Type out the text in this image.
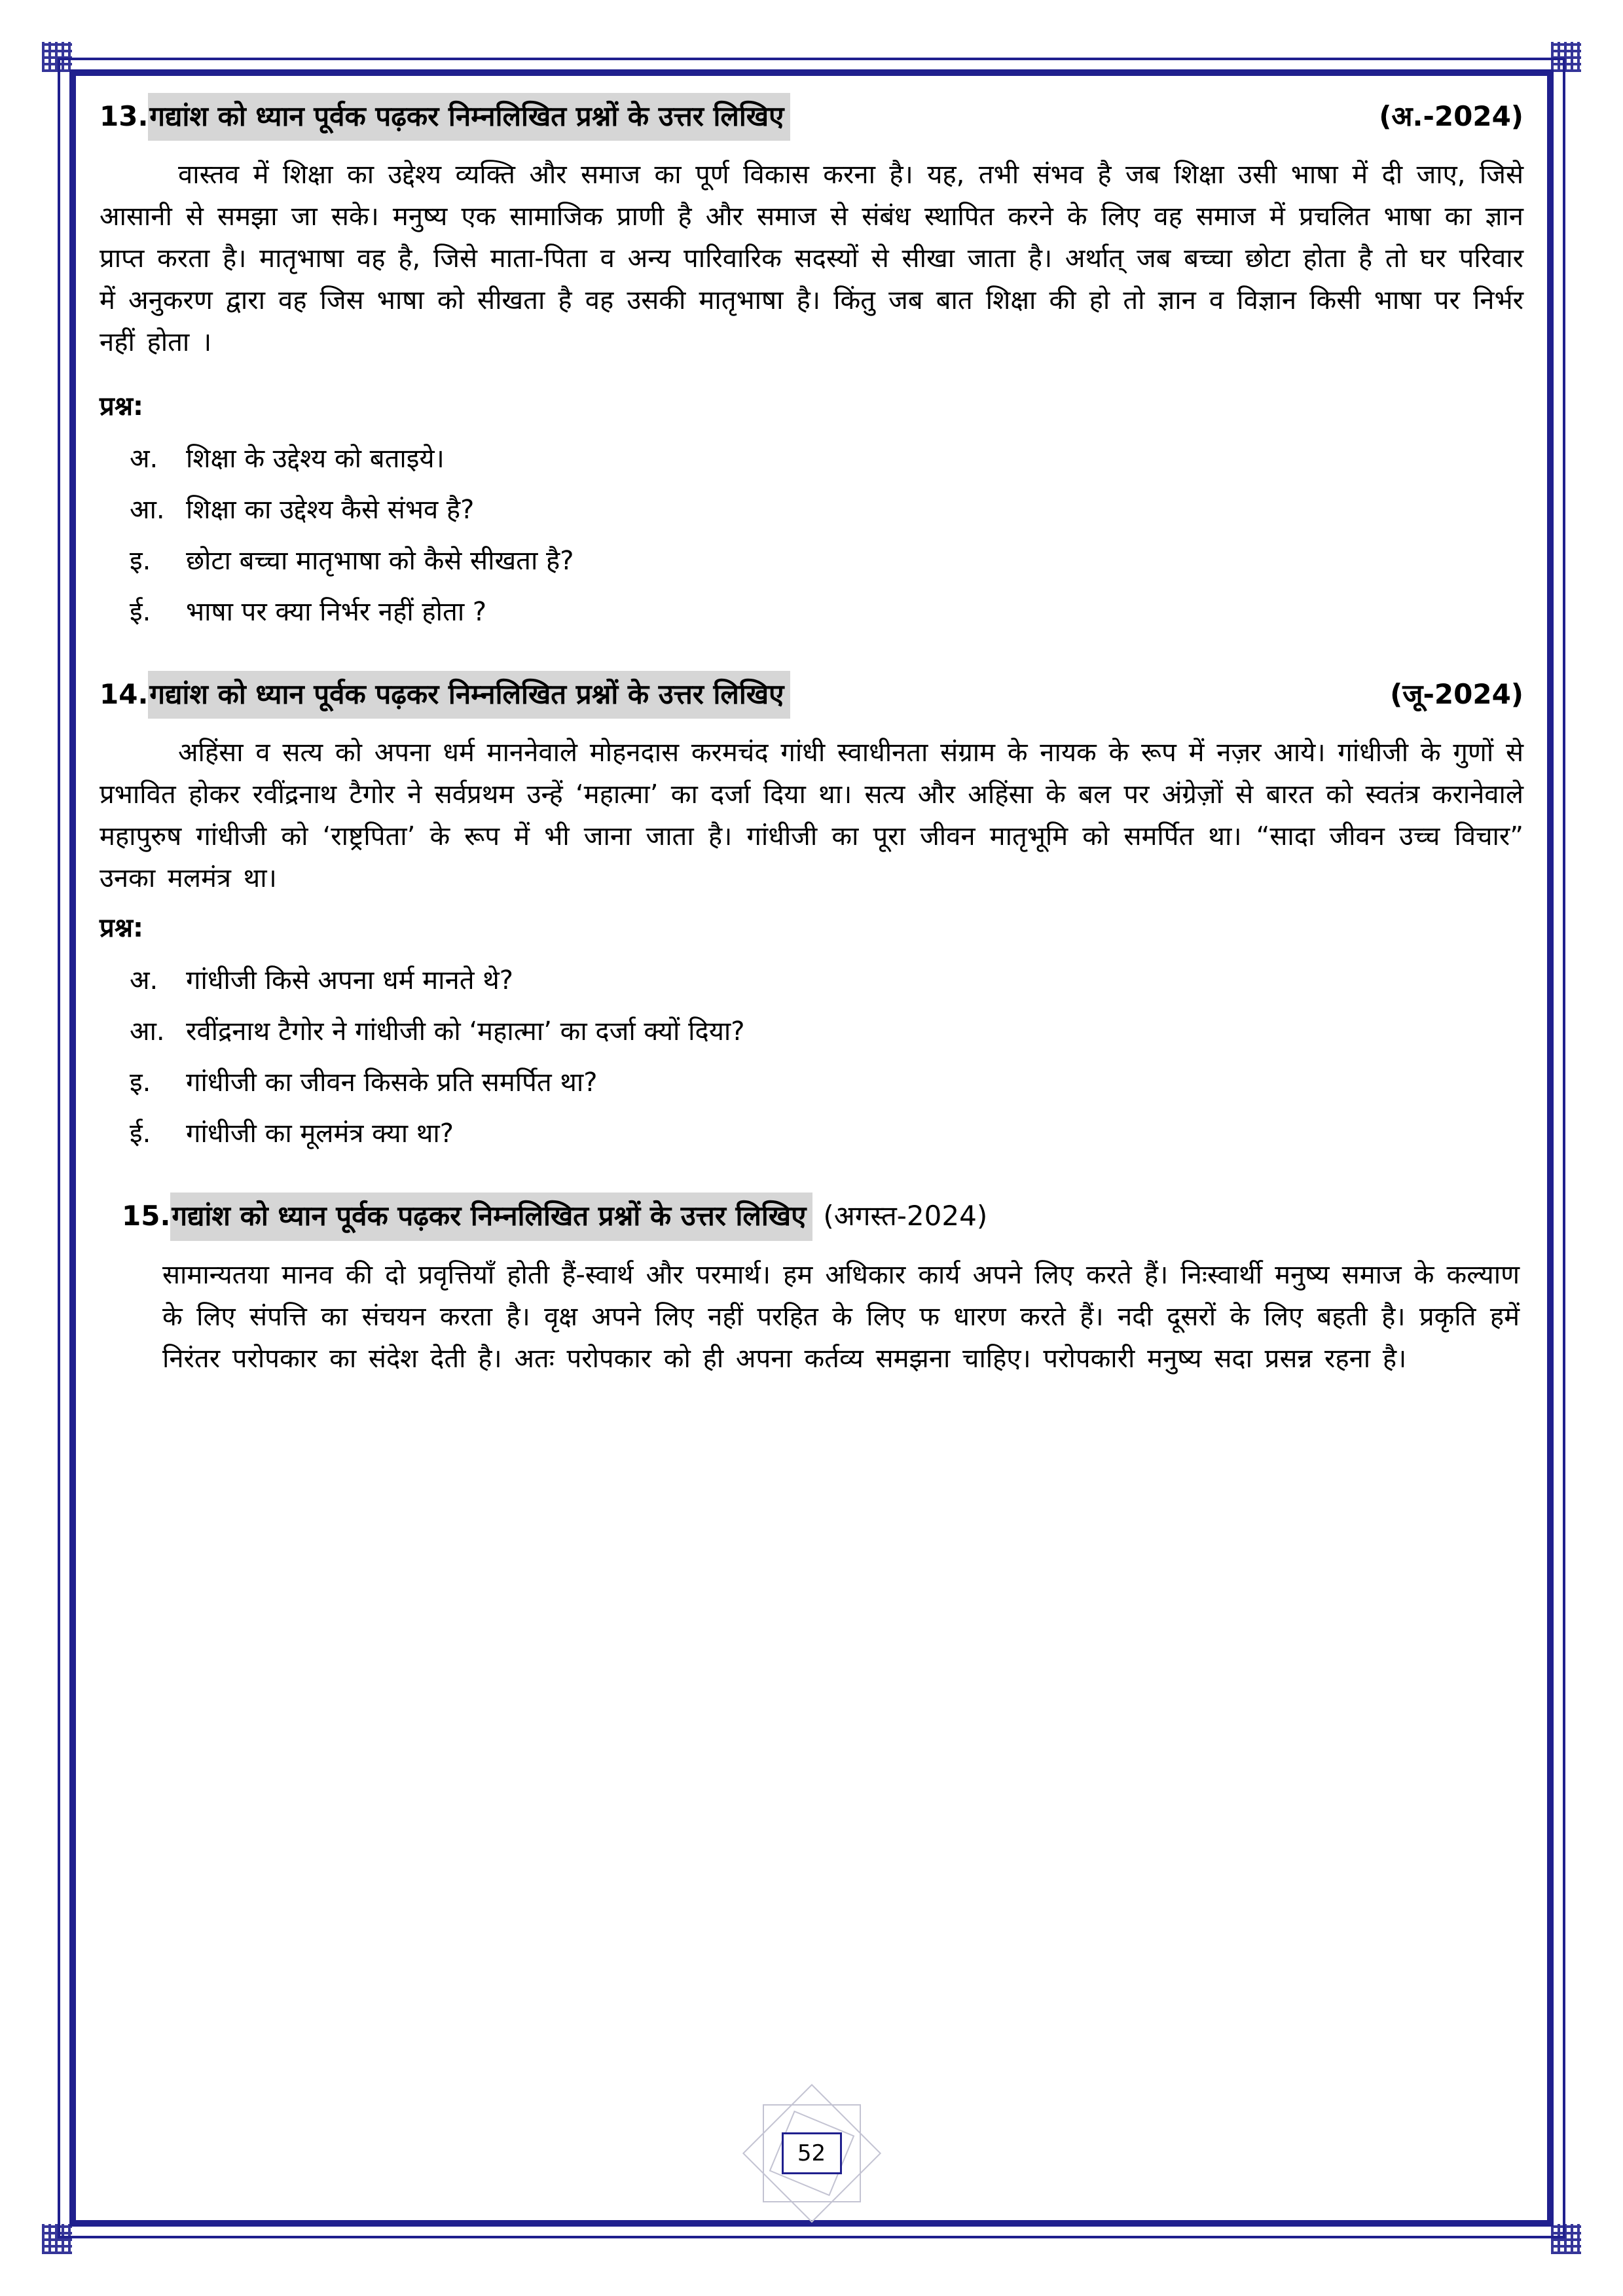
13. गद्यांश को ध्यान पूर्वक पढ़कर निम्नलिखित प्रश्नों के उत्तर लिखिए	(अ.-2024)

वास्तव में शिक्षा का उद्देश्य व्यक्ति और समाज का पूर्ण विकास करना है। यह, तभी संभव है जब शिक्षा उसी भाषा में दी जाए, जिसे आसानी से समझा जा सके। मनुष्य एक सामाजिक प्राणी है और समाज से संबंध स्थापित करने के लिए वह समाज में प्रचलित भाषा का ज्ञान प्राप्त करता है। मातृभाषा वह है, जिसे माता-पिता व अन्य पारिवारिक सदस्यों से सीखा जाता है। अर्थात् जब बच्चा छोटा होता है तो घर परिवार में अनुकरण द्वारा वह जिस भाषा को सीखता है वह उसकी मातृभाषा है। किंतु जब बात शिक्षा की हो तो ज्ञान व विज्ञान किसी भाषा पर निर्भर नहीं होता ।

प्रश्न:
अ.	शिक्षा के उद्देश्य को बताइये।
आ. शिक्षा का उद्देश्य कैसे संभव है?
इ.	छोटा बच्चा मातृभाषा को कैसे सीखता है?
ई.	भाषा पर क्या निर्भर नहीं होता ?
14. गद्यांश को ध्यान पूर्वक पढ़कर निम्नलिखित प्रश्नों के उत्तर लिखिए	(जू-2024)

अहिंसा व सत्य को अपना धर्म माननेवाले मोहनदास करमचंद गांधी स्वाधीनता संग्राम के नायक के रूप में नज़र आये। गांधीजी के गुणों से प्रभावित होकर रवींद्रनाथ टैगोर ने सर्वप्रथम उन्हें ‘महात्मा’ का दर्जा दिया था। सत्य और अहिंसा के बल पर अंग्रेज़ों से बारत को स्वतंत्र करानेवाले महापुरुष गांधीजी को ‘राष्ट्रपिता’ के रूप में भी जाना जाता है। गांधीजी का पूरा जीवन मातृभूमि को समर्पित था। “सादा जीवन उच्च विचार” उनका मलमंत्र था।

प्रश्न:
अ.	गांधीजी किसे अपना धर्म मानते थे?
आ. रवींद्रनाथ टैगोर ने गांधीजी को ‘महात्मा’ का दर्जा क्यों दिया?
इ.	गांधीजी का जीवन किसके प्रति समर्पित था?
ई.	गांधीजी का मूलमंत्र क्या था?
15. गद्यांश को ध्यान पूर्वक पढ़कर निम्नलिखित प्रश्नों के उत्तर लिखिए (अगस्त-2024)

सामान्यतया मानव की दो प्रवृत्तियाँ होती हैं-स्वार्थ और परमार्थ। हम अधिकार कार्य अपने लिए करते हैं। निःस्वार्थी मनुष्य समाज के कल्याण के लिए संपत्ति का संचयन करता है। वृक्ष अपने लिए नहीं परहित के लिए फ धारण करते हैं। नदी दूसरों के लिए बहती है। प्रकृति हमें निरंतर परोपकार का संदेश देती है। अतः परोपकार को ही अपना कर्तव्य समझना चाहिए। परोपकारी मनुष्य सदा प्रसन्न रहना है।

52
